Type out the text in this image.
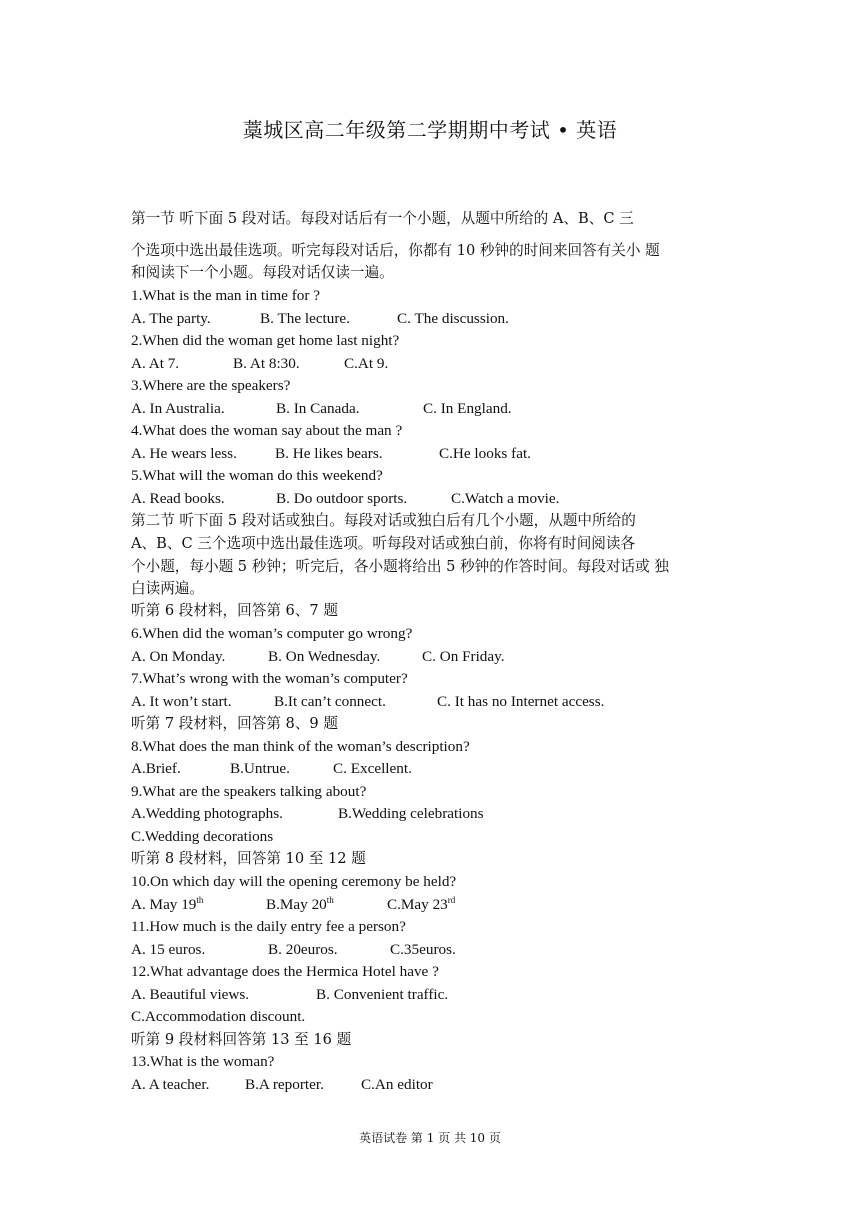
藁城区高二年级第二学期期中考试 • 英语
第一节 听下面 5 段对话。每段对话后有一个小题，从题中所给的 A、B、C 三
个选项中选出最佳选项。听完每段对话后，你都有 10 秒钟的时间来回答有关小 题
和阅读下一个小题。每段对话仅读一遍。
1.What is the man in time for ?
A. The party.	B. The lecture.	C. The discussion.
2.When did the woman get home last night?
A. At 7.	B. At 8:30.	C.At 9.
3.Where are the speakers?
A. In Australia.	B. In Canada.	C. In England.
4.What does the woman say about the man ?
A. He wears less.	B. He likes bears.	C.He looks fat.
5.What will the woman do this weekend?
A. Read books.	B. Do outdoor sports.	C.Watch a movie.
第二节 听下面 5 段对话或独白。每段对话或独白后有几个小题，从题中所给的
A、B、C 三个选项中选出最佳选项。听每段对话或独白前，你将有时间阅读各
个小题，每小题 5 秒钟；听完后，各小题将给出 5 秒钟的作答时间。每段对话或 独
白读两遍。
听第 6 段材料，回答第 6、7 题
6.When did the woman’s computer go wrong?
A. On Monday.	B. On Wednesday.	C. On Friday.
7.What’s wrong with the woman’s computer?
A. It won’t start.	B.It can’t connect.	C. It has no Internet access.
听第 7 段材料，回答第 8、9 题
8.What does the man think of the woman’s description?
A.Brief.	B.Untrue.	C. Excellent.
9.What are the speakers talking about?
A.Wedding photographs.	B.Wedding celebrations
C.Wedding decorations
听第 8 段材料，回答第 10 至 12 题
10.On which day will the opening ceremony be held?
A. May 19th	B.May 20th	C.May 23rd
11.How much is the daily entry fee a person?
A. 15 euros.	B. 20euros.	C.35euros.
12.What advantage does the Hermica Hotel have ?
A. Beautiful views.	B. Convenient traffic.
C.Accommodation discount.
听第 9 段材料回答第 13 至 16 题
13.What is the woman?
A. A teacher. B.A reporter. C.An editor
英语试卷 第 1 页 共 10 页
